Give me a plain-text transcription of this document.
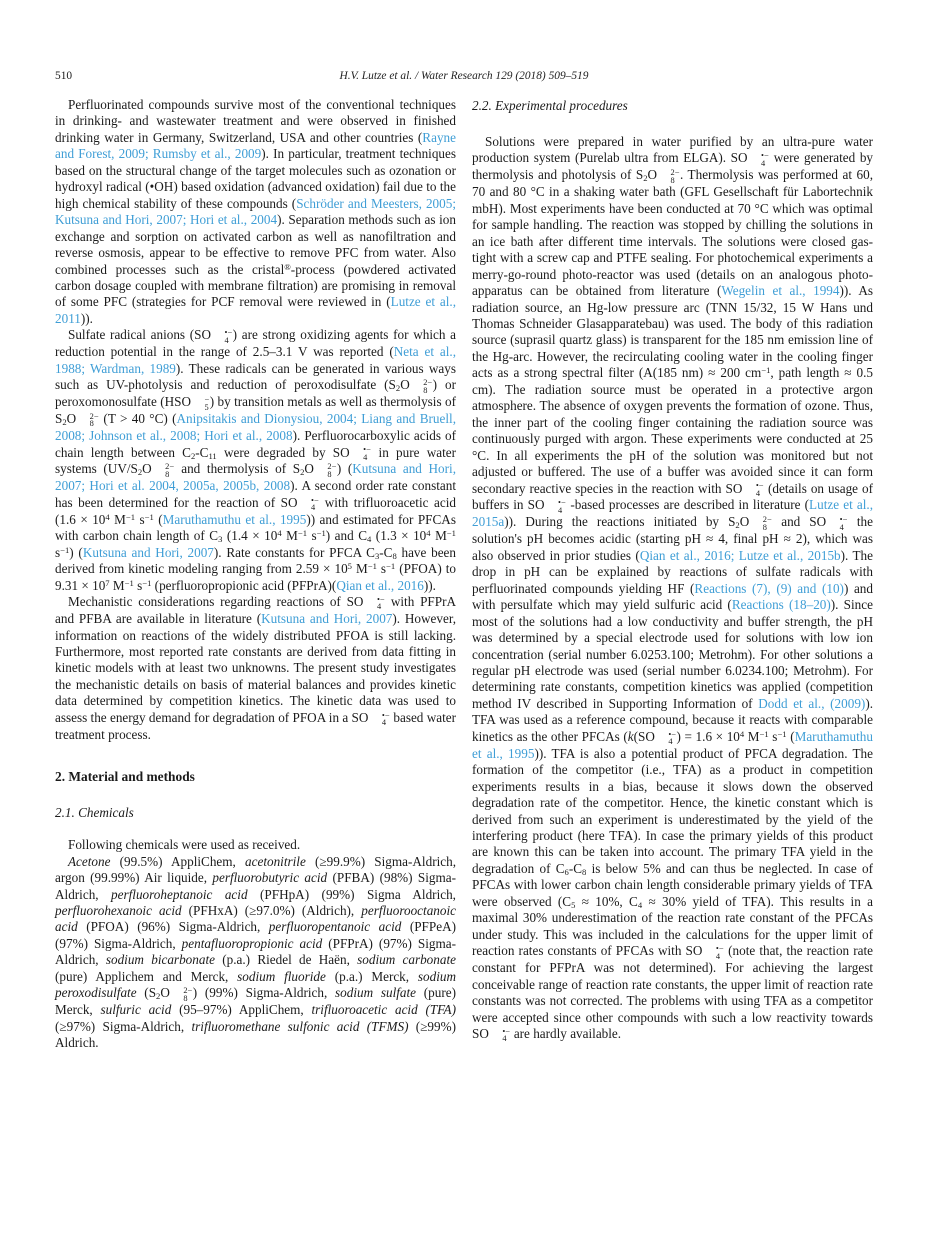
510	H.V. Lutze et al. / Water Research 129 (2018) 509–519

Perfluorinated compounds survive most of the conventional techniques in drinking- and wastewater treatment and were observed in finished drinking water in Germany, Switzerland, USA and other countries (Rayne and Forest, 2009; Rumsby et al., 2009). In particular, treatment techniques based on the structural change of the target molecules such as ozonation or hydroxyl radical (•OH) based oxidation (advanced oxidation) fail due to the high chemical stability of these compounds (Schröder and Meesters, 2005; Kutsuna and Hori, 2007; Hori et al., 2004). Separation methods such as ion exchange and sorption on activated carbon as well as nanofiltration and reverse osmosis, appear to be effective to remove PFC from water. Also combined processes such as the cristal®-process (powdered activated carbon dosage coupled with membrane filtration) are promising in removal of some PFC (strategies for PCF removal were reviewed in (Lutze et al., 2011)).

Sulfate radical anions (SO	•−
4 ) are strong oxidizing agents for which a reduction potential in the range of 2.5–3.1 V was reported (Neta et al., 1988; Wardman, 1989). These radicals can be generated in various ways such as UV-photolysis and reduction of peroxodisulfate ($S_2O$	2−
8 ) or peroxomonosulfate (HSO	−
5 ) by transition metals as well as thermolysis of $S_2O$	2−
8 (T > 40 °C) (Anipsitakis and Dionysiou, 2004; Liang and Bruell, 2008; Johnson et al., 2008; Hori et al., 2008). Perfluorocarboxylic acids of chain length between $C_2-C_{11}$ were degraded by SO	•−
4 in pure water systems ($UV/S_2O$	2−
8 and thermolysis of $S_2O$	2−
8 ) (Kutsuna and Hori, 2007; Hori et al. 2004, 2005a, 2005b, 2008). A second order rate constant has been determined for the reaction of SO	•−
4 with trifluoroacetic acid ($1.6 \times 10^4$ $M^{-1}$ $s^{-1}$ (Maruthamuthu et al., 1995)) and estimated for PFCAs with carbon chain length of $C_3$ ($1.4 \times 10^4$ $M^{-1}$ $s^{-1}$) and $C_4$ ($1.3 \times 10^4$ $M^{-1}$ $s^{-1}$) (Kutsuna and Hori, 2007). Rate constants for PFCA $C_3-C_8$ have been derived from kinetic modeling ranging from $2.59 \times 10^5$ $M^{-1}$ $s^{-1}$ (PFOA) to $9.31 \times 10^7$ $M^{-1}$ $s^{-1}$ (perfluoropropionic acid (PFPrA)(Qian et al., 2016)).

Mechanistic considerations regarding reactions of SO	•−
4 with PFPrA and PFBA are available in literature (Kutsuna and Hori, 2007). However, information on reactions of the widely distributed PFOA is still lacking. Furthermore, most reported rate constants are derived from data fitting in kinetic models with at least two unknowns. The present study investigates the mechanistic details on basis of material balances and provides kinetic data determined by competition kinetics. The kinetic data was used to assess the energy demand for degradation of PFOA in a SO	•−
4 based water treatment process.

2. Material and methods
2.1. Chemicals

Following chemicals were used as received.

Acetone (99.5%) AppliChem, acetonitrile (≥99.9%) Sigma-Aldrich, argon (99.99%) Air liquide, perfluorobutyric acid (PFBA) (98%) Sigma-Aldrich, perfluoroheptanoic acid (PFHpA) (99%) Sigma Aldrich, perfluorohexanoic acid (PFHxA) (≥97.0%) (Aldrich), perfluorooctanoic acid (PFOA) (96%) Sigma-Aldrich, perfluoropentanoic acid (PFPeA) (97%) Sigma-Aldrich, pentafluoropropionic acid (PFPrA) (97%) Sigma-Aldrich, sodium bicarbonate (p.a.) Riedel de Haën, sodium carbonate (pure) Applichem and Merck, sodium fluoride (p.a.) Merck, sodium peroxodisulfate ($S_2O$	2−
8 ) (99%) Sigma-Aldrich, sodium sulfate (pure) Merck, sulfuric acid (95–97%) AppliChem, trifluoroacetic acid (TFA) (≥97%) Sigma-Aldrich, trifluoromethane sulfonic acid (TFMS) (≥99%) Aldrich.

2.2. Experimental procedures

Solutions were prepared in water purified by an ultra-pure water production system (Purelab ultra from ELGA). SO	•−
4 were generated by thermolysis and photolysis of $S_2O$	2−
8 . Thermolysis was performed at 60, 70 and 80 °C in a shaking water bath (GFL Gesellschaft für Labortechnik mbH). Most experiments have been conducted at 70 °C which was optimal for sample handling. The reaction was stopped by chilling the solutions in an ice bath after different time intervals. The solutions were closed gas-tight with a screw cap and PTFE sealing. For photochemical experiments a merry-go-round photo-reactor was used (details on an analogous photo-apparatus can be obtained from literature (Wegelin et al., 1994)). As radiation source, an Hg-low pressure arc (TNN 15/32, 15 W Hans und Thomas Schneider Glasapparatebau) was used. The body of this radiation source (suprasil quartz glass) is transparent for the 185 nm emission line of the Hg-arc. However, the recirculating cooling water in the cooling finger acts as a strong spectral filter (A(185 nm) ≈ 200 $cm^{-1}$, path length ≈ 0.5 cm). The radiation source must be operated in a protective argon atmosphere. The absence of oxygen prevents the formation of ozone. Thus, the inner part of the cooling finger containing the radiation source was continuously purged with argon. These experiments were conducted at 25 °C. In all experiments the pH of the solution was monitored but not adjusted or buffered. The use of a buffer was avoided since it can form secondary reactive species in the reaction with SO	•−
4 (details on usage of buffers in SO	•−
4 -based processes are described in literature (Lutze et al., 2015a)). During the reactions initiated by $S_2O$	2−
8 and SO	•−
4 the solution's pH becomes acidic (starting pH ≈ 4, final pH ≈ 2), which was also observed in prior studies (Qian et al., 2016; Lutze et al., 2015b). The drop in pH can be explained by reactions of sulfate radicals with perfluorinated compounds yielding HF (Reactions (7), (9) and (10)) and with persulfate which may yield sulfuric acid (Reactions (18–20)). Since most of the solutions had a low conductivity and buffer strength, the pH was determined by a special electrode used for solutions with low ion concentration (serial number 6.0253.100; Metrohm). For other solutions a regular pH electrode was used (serial number 6.0234.100; Metrohm). For determining rate constants, competition kinetics was applied (competition method IV described in Supporting Information of Dodd et al., (2009)). TFA was used as a reference compound, because it reacts with comparable kinetics as the other PFCAs (k(SO	•−
4 ) = $1.6 \times 10^4$ $M^{-1}$ $s^{-1}$ (Maruthamuthu et al., 1995)). TFA is also a potential product of PFCA degradation. The formation of the competitor (i.e., TFA) as a product in competition experiments results in a bias, because it slows down the observed degradation rate of the competitor. Hence, the kinetic constant which is derived from such an experiment is underestimated by the yield of the interfering product (here TFA). In case the primary yields of this product are known this can be taken into account. The primary TFA yield in the degradation of $C_6-C_8$ is below 5% and can thus be neglected. In case of PFCAs with lower carbon chain length considerable primary yields of TFA were observed ($C_5 \approx 10\%$, $C_4 \approx 30\%$ yield of TFA). This results in a maximal 30% underestimation of the reaction rate constant of the PFCAs under study. This was included in the calculations for the upper limit of reaction rates constants of PFCAs with SO	•−
4 (note that, the reaction rate constant for PFPrA was not determined). For achieving the largest conceivable range of reaction rate constants, the upper limit of reaction rate constants was not corrected. The problems with using TFA as a competitor were accepted since other compounds with such a low reactivity towards SO	•−
4 are hardly available.
